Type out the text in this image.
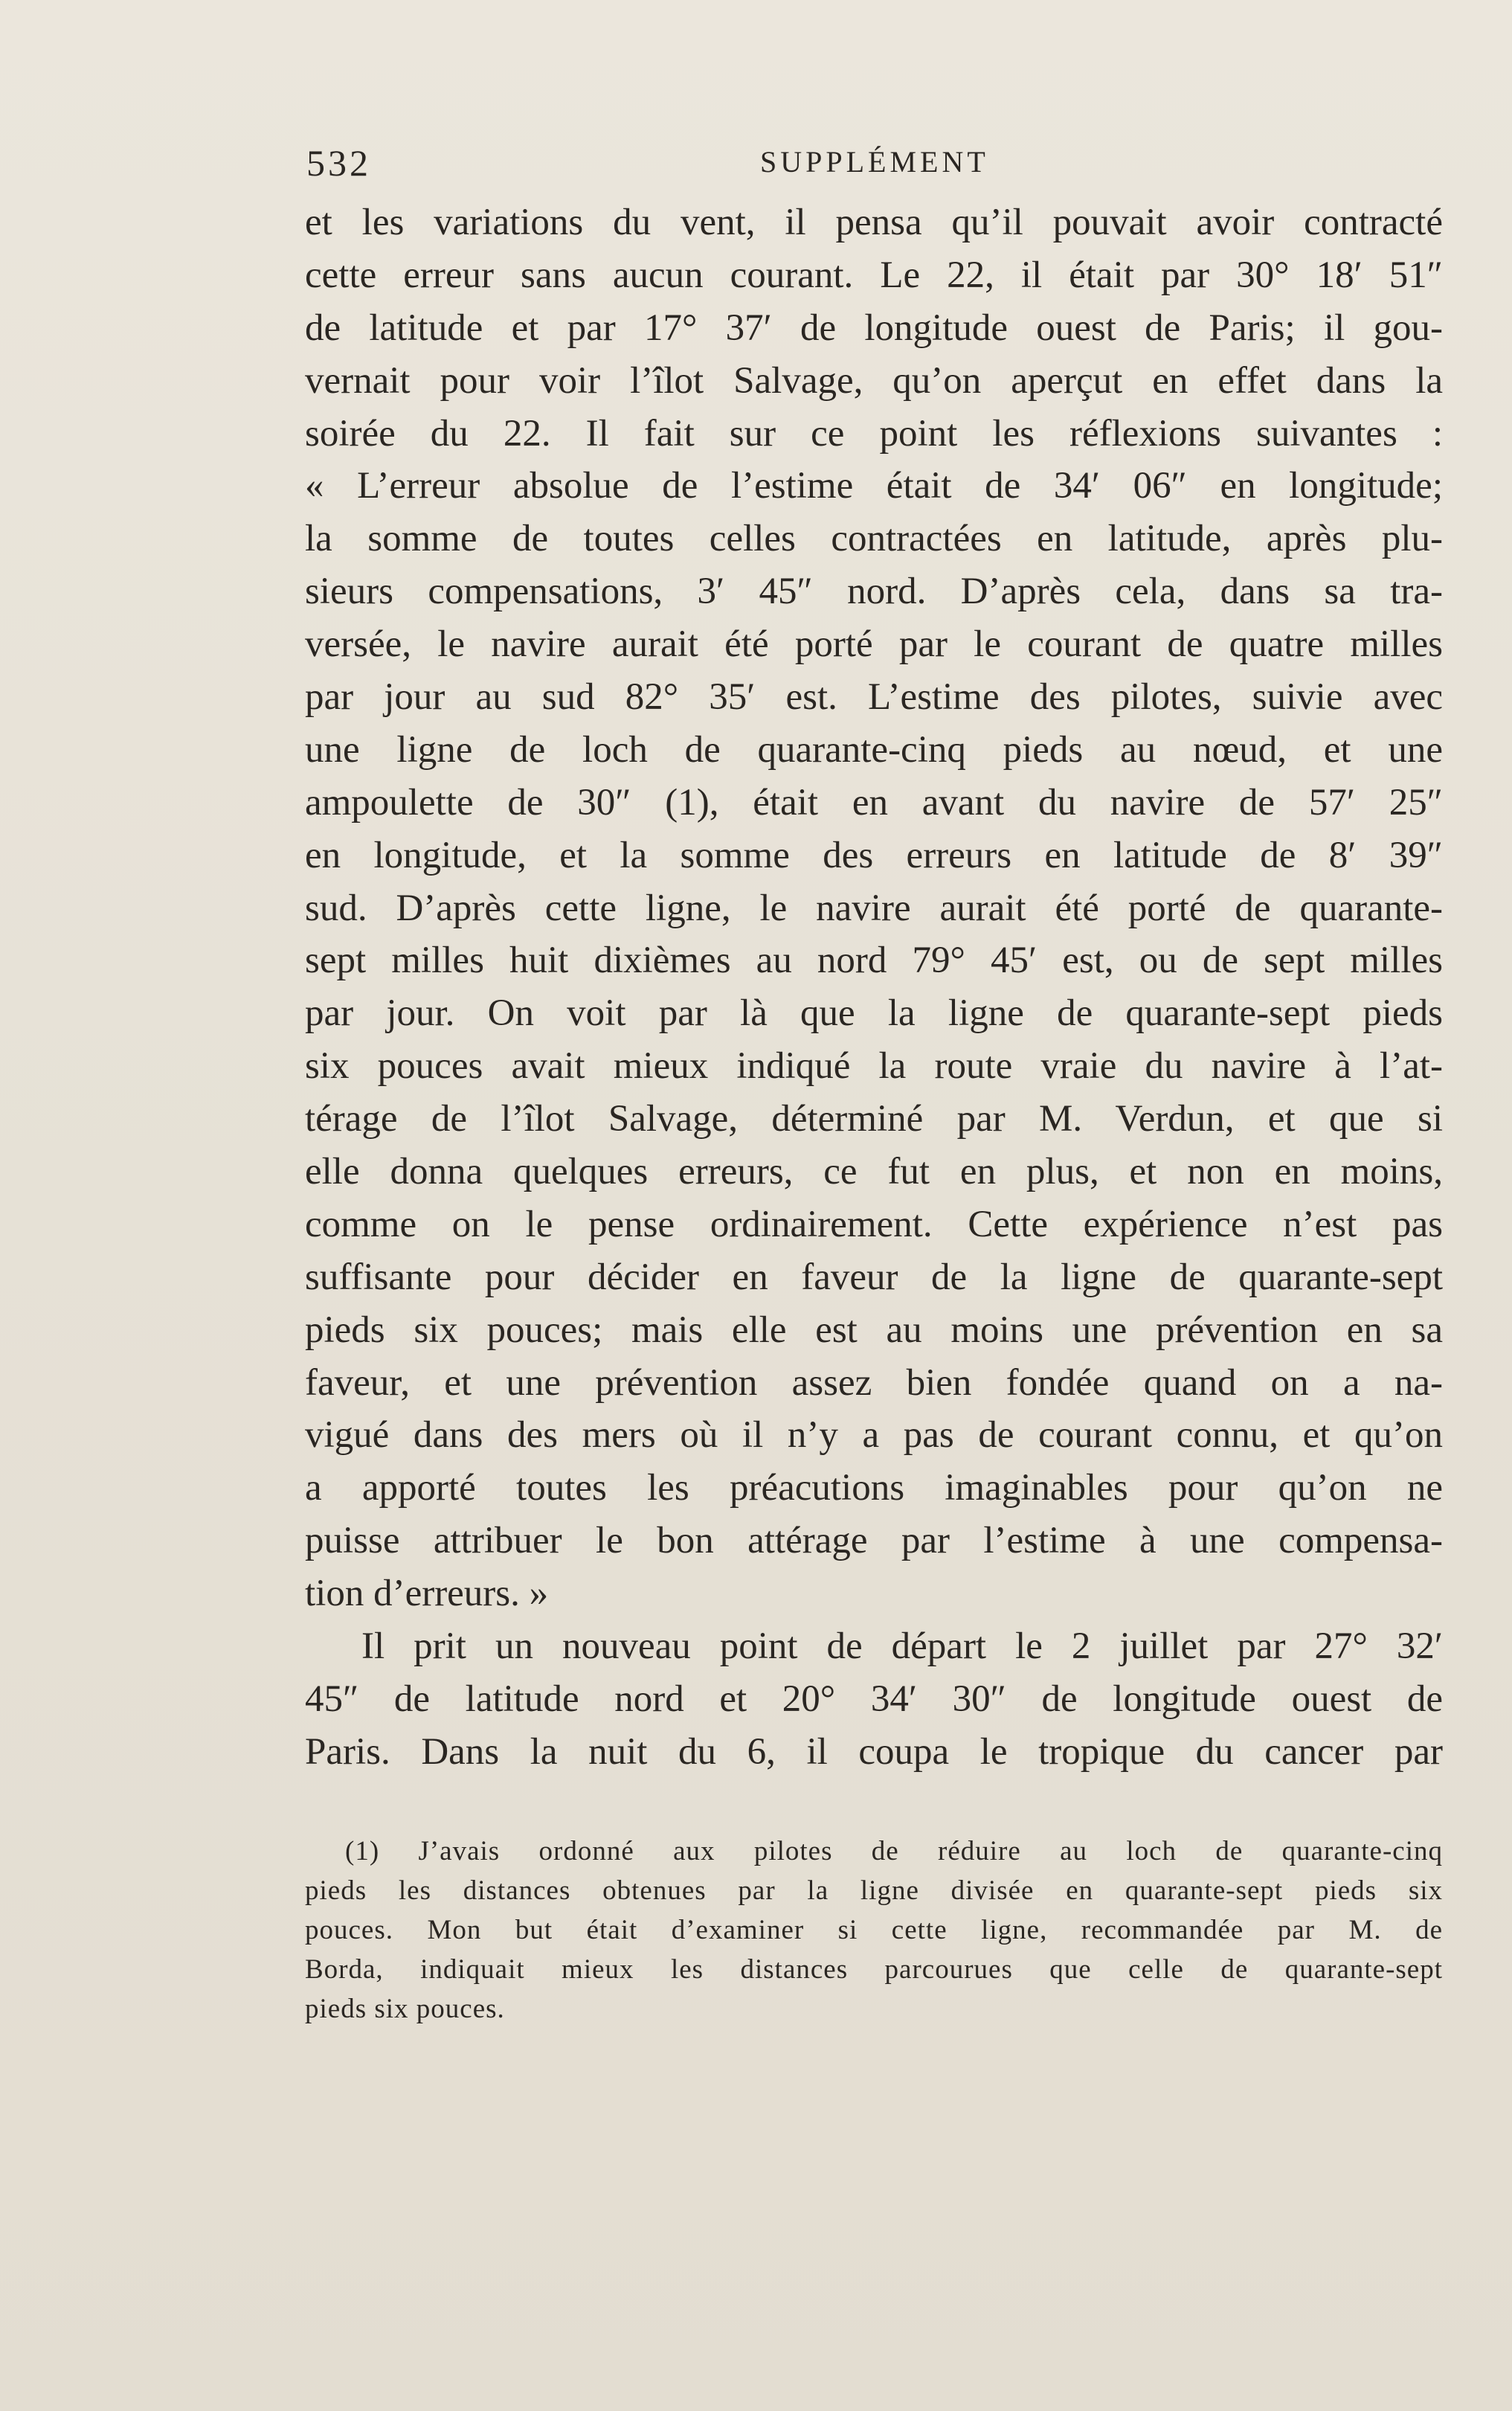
532	SUPPLÉMENT
et les variations du vent, il pensa qu’il pouvait avoir contracté
cette erreur sans aucun courant. Le 22, il était par 30° 18′ 51″
de latitude et par 17° 37′ de longitude ouest de Paris; il gou-
vernait pour voir l’îlot Salvage, qu’on aperçut en effet dans la
soirée du 22. Il fait sur ce point les réflexions suivantes :
« L’erreur absolue de l’estime était de 34′ 06″ en longitude;
la somme de toutes celles contractées en latitude, après plu-
sieurs compensations, 3′ 45″ nord. D’après cela, dans sa tra-
versée, le navire aurait été porté par le courant de quatre milles
par jour au sud 82° 35′ est. L’estime des pilotes, suivie avec
une ligne de loch de quarante-cinq pieds au nœud, et une
ampoulette de 30″ (1), était en avant du navire de 57′ 25″
en longitude, et la somme des erreurs en latitude de 8′ 39″
sud. D’après cette ligne, le navire aurait été porté de quarante-
sept milles huit dixièmes au nord 79° 45′ est, ou de sept milles
par jour. On voit par là que la ligne de quarante-sept pieds
six pouces avait mieux indiqué la route vraie du navire à l’at-
térage de l’îlot Salvage, déterminé par M. Verdun, et que si
elle donna quelques erreurs, ce fut en plus, et non en moins,
comme on le pense ordinairement. Cette expérience n’est pas
suffisante pour décider en faveur de la ligne de quarante-sept
pieds six pouces; mais elle est au moins une prévention en sa
faveur, et une prévention assez bien fondée quand on a na-
vigué dans des mers où il n’y a pas de courant connu, et qu’on
a apporté toutes les préacutions imaginables pour qu’on ne
puisse attribuer le bon attérage par l’estime à une compensa-
tion d’erreurs. »
Il prit un nouveau point de départ le 2 juillet par 27° 32′
45″ de latitude nord et 20° 34′ 30″ de longitude ouest de
Paris. Dans la nuit du 6, il coupa le tropique du cancer par
(1) J’avais ordonné aux pilotes de réduire au loch de quarante-cinq
pieds les distances obtenues par la ligne divisée en quarante-sept pieds six
pouces. Mon but était d’examiner si cette ligne, recommandée par M. de
Borda, indiquait mieux les distances parcourues que celle de quarante-sept
pieds six pouces.
